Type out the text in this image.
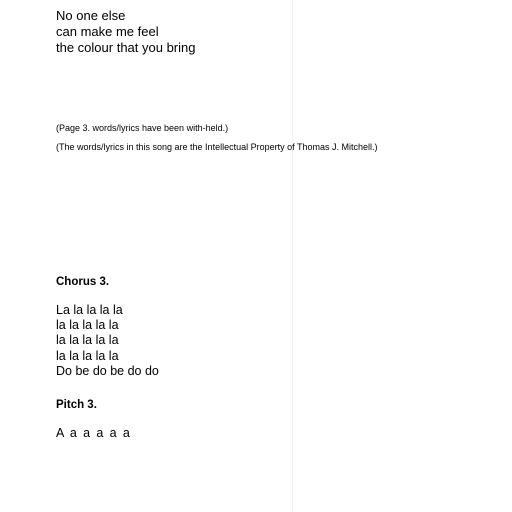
No one else
can make me feel
the colour that you bring
(Page 3. words/lyrics have been with-held.)
(The words/lyrics in this song are the Intellectual Property of Thomas J. Mitchell.)
Chorus 3.
La la la la la
la la la la la
la la la la la
la la la la la
Do be do be do do
Pitch 3.
A a a a a a
